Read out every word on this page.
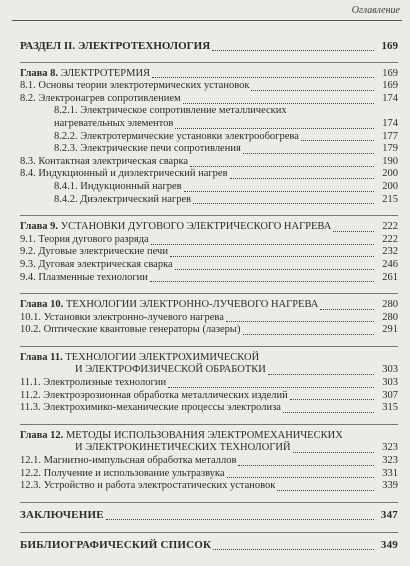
Оглавление
РАЗДЕЛ II. ЭЛЕКТРОТЕХНОЛОГИЯ	169
Глава 8. ЭЛЕКТРОТЕРМИЯ	169
8.1. Основы теории электротермических установок	169
8.2. Электронагрев сопротивлением	174
8.2.1. Электрическое сопротивление металлических
нагревательных элементов	174
8.2.2. Электротермические установки электрообогрева	177
8.2.3. Электрические печи сопротивления	179
8.3. Контактная электрическая сварка	190
8.4. Индукционный и диэлектрический нагрев	200
8.4.1. Индукционный нагрев	200
8.4.2. Диэлектрический нагрев	215
Глава 9. УСТАНОВКИ ДУГОВОГО ЭЛЕКТРИЧЕСКОГО НАГРЕВА	222
9.1. Теория дугового разряда	222
9.2. Дуговые электрические печи	232
9.3. Дуговая электрическая сварка	246
9.4. Плазменные технологии	261
Глава 10. ТЕХНОЛОГИИ ЭЛЕКТРОННО-ЛУЧЕВОГО НАГРЕВА	280
10.1. Установки электронно-лучевого нагрева	280
10.2. Оптические квантовые генераторы (лазеры)	291
Глава 11. ТЕХНОЛОГИИ ЭЛЕКТРОХИМИЧЕСКОЙ
И ЭЛЕКТРОФИЗИЧЕСКОЙ ОБРАБОТКИ	303
11.1. Электролизные технологии	303
11.2. Электроэрозионная обработка металлических изделий	307
11.3. Электрохимико-механические процессы электролиза	315
Глава 12. МЕТОДЫ ИСПОЛЬЗОВАНИЯ ЭЛЕКТРОМЕХАНИЧЕСКИХ
И ЭЛЕКТРОКИНЕТИЧЕСКИХ ТЕХНОЛОГИЙ	323
12.1. Магнитно-импульсная обработка металлов	323
12.2. Получение и использование ультразвука	331
12.3. Устройство и работа электростатических установок	339
ЗАКЛЮЧЕНИЕ	347
БИБЛИОГРАФИЧЕСКИЙ СПИСОК	349
